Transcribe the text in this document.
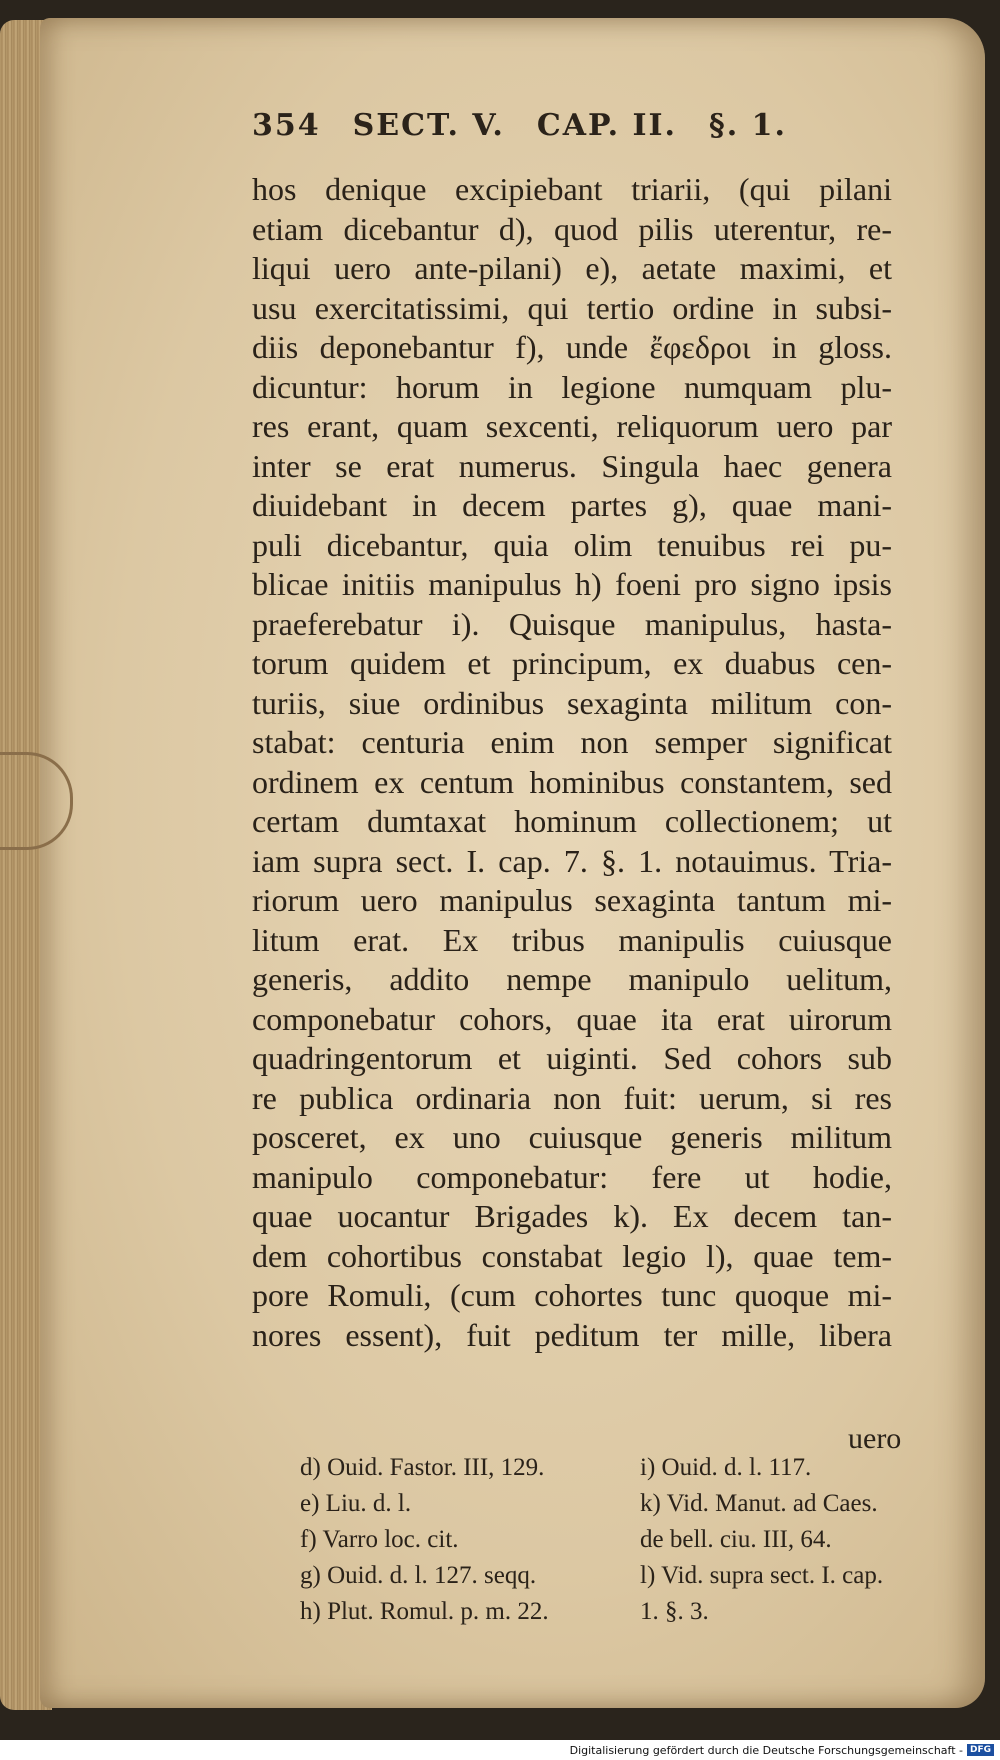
354 SECT. V. CAP. II. §. 1.
hos denique excipiebant triarii, (qui pilani
etiam dicebantur d), quod pilis uterentur, re-
liqui uero ante-pilani) e), aetate maximi, et
usu exercitatissimi, qui tertio ordine in subsi-
diis deponebantur f), unde ἔφεδροι in gloss.
dicuntur: horum in legione numquam plu-
res erant, quam sexcenti, reliquorum uero par
inter se erat numerus. Singula haec genera
diuidebant in decem partes g), quae mani-
puli dicebantur, quia olim tenuibus rei pu-
blicae initiis manipulus h) foeni pro signo ipsis
praeferebatur i). Quisque manipulus, hasta-
torum quidem et principum, ex duabus cen-
turiis, siue ordinibus sexaginta militum con-
stabat: centuria enim non semper significat
ordinem ex centum hominibus constantem, sed
certam dumtaxat hominum collectionem; ut
iam supra sect. I. cap. 7. §. 1. notauimus. Tria-
riorum uero manipulus sexaginta tantum mi-
litum erat. Ex tribus manipulis cuiusque
generis, addito nempe manipulo uelitum,
componebatur cohors, quae ita erat uirorum
quadringentorum et uiginti. Sed cohors sub
re publica ordinaria non fuit: uerum, si res
posceret, ex uno cuiusque generis militum
manipulo componebatur: fere ut hodie,
quae uocantur Brigades k). Ex decem tan-
dem cohortibus constabat legio l), quae tem-
pore Romuli, (cum cohortes tunc quoque mi-
nores essent), fuit peditum ter mille, libera
uero
d) Ouid. Fastor. III, 129.	i) Ouid. d. l. 117.
e) Liu. d. l.	k) Vid. Manut. ad Caes.
f) Varro loc. cit.	de bell. ciu. III, 64.
g) Ouid. d. l. 127. seqq.	l) Vid. supra sect. I. cap.
h) Plut. Romul. p. m. 22.	1. §. 3.
Digitalisierung gefördert durch die Deutsche Forschungsgemeinschaft - DFG
